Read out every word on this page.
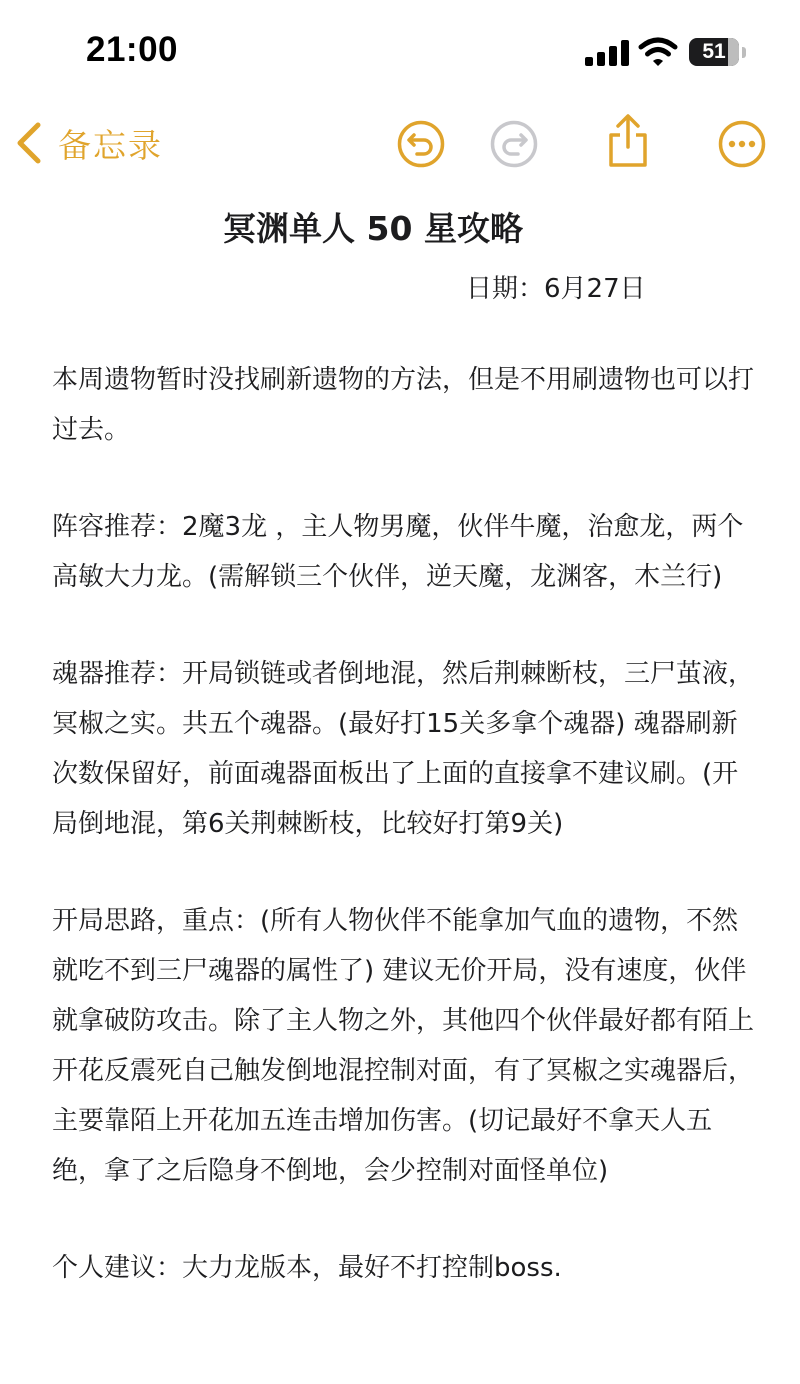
21:00	51
备忘录
冥渊单人 50 星攻略
日期：6月27日

本周遗物暂时没找刷新遗物的方法，但是不用刷遗物也可以打过去。

阵容推荐：2魔3龙 ，主人物男魔，伙伴牛魔，治愈龙，两个高敏大力龙。(需解锁三个伙伴，逆天魔，龙渊客，木兰行)

魂器推荐：开局锁链或者倒地混，然后荆棘断枝，三尸茧液，冥椒之实。共五个魂器。(最好打15关多拿个魂器) 魂器刷新次数保留好，前面魂器面板出了上面的直接拿不建议刷。(开局倒地混，第6关荆棘断枝，比较好打第9关)

开局思路，重点：(所有人物伙伴不能拿加气血的遗物，不然就吃不到三尸魂器的属性了) 建议无价开局，没有速度，伙伴就拿破防攻击。除了主人物之外，其他四个伙伴最好都有陌上开花反震死自己触发倒地混控制对面，有了冥椒之实魂器后，主要靠陌上开花加五连击增加伤害。(切记最好不拿天人五绝，拿了之后隐身不倒地，会少控制对面怪单位)

个人建议：大力龙版本，最好不打控制boss.
